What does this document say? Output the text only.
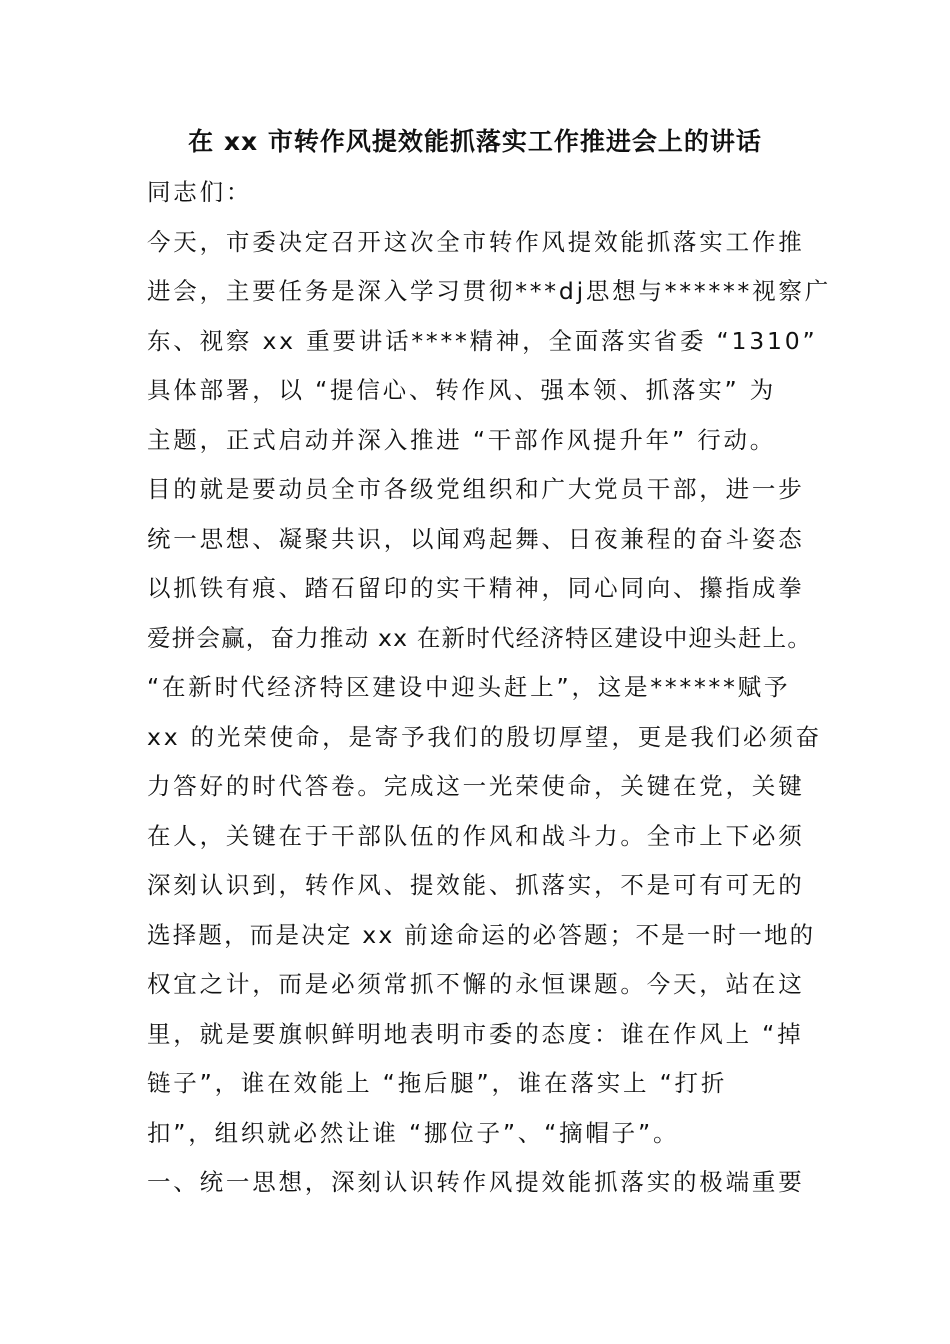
在 xx 市转作风提效能抓落实工作推进会上的讲话
同志们：
今天，市委决定召开这次全市转作风提效能抓落实工作推
进会，主要任务是深入学习贯彻***dj思想与******视察广
东、视察 xx 重要讲话****精神，全面落实省委 “1310”
具体部署，以 “提信心、转作风、强本领、抓落实” 为
主题，正式启动并深入推进 “干部作风提升年” 行动。
目的就是要动员全市各级党组织和广大党员干部，进一步
统一思想、凝聚共识，以闻鸡起舞、日夜兼程的奋斗姿态
以抓铁有痕、踏石留印的实干精神，同心同向、攥指成拳
爱拼会赢，奋力推动 xx 在新时代经济特区建设中迎头赶上。
“在新时代经济特区建设中迎头赶上”，这是******赋予
xx 的光荣使命，是寄予我们的殷切厚望，更是我们必须奋
力答好的时代答卷。完成这一光荣使命，关键在党，关键
在人，关键在于干部队伍的作风和战斗力。全市上下必须
深刻认识到，转作风、提效能、抓落实，不是可有可无的
选择题，而是决定 xx 前途命运的必答题；不是一时一地的
权宜之计，而是必须常抓不懈的永恒课题。今天，站在这
里，就是要旗帜鲜明地表明市委的态度：谁在作风上 “掉
链子”，谁在效能上 “拖后腿”，谁在落实上 “打折
扣”，组织就必然让谁 “挪位子”、“摘帽子”。
一、统一思想，深刻认识转作风提效能抓落实的极端重要
